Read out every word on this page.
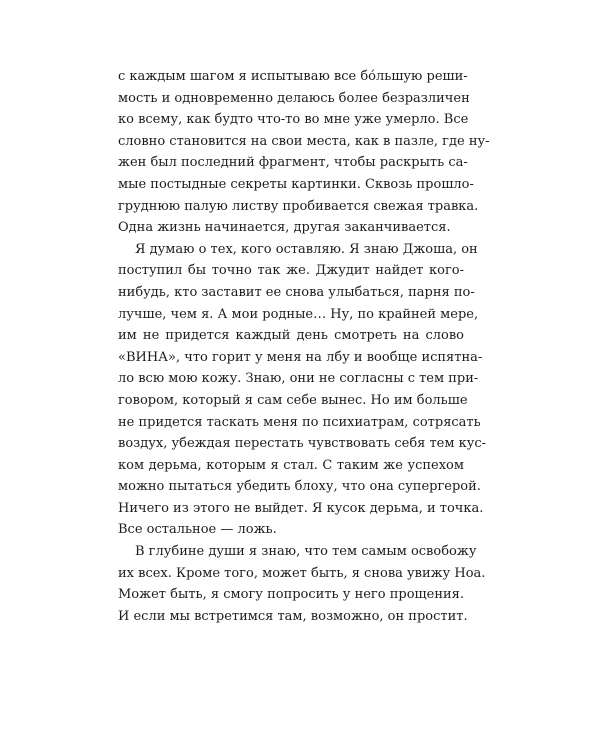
с каждым шагом я испытываю все бо́льшую реши-
мость и одновременно делаюсь более безразличен
ко всему, как будто что-то во мне уже умерло. Все
словно становится на свои места, как в пазле, где ну-
жен был последний фрагмент, чтобы раскрыть са-
мые постыдные секреты картинки. Сквозь прошло-
груднюю палую листву пробивается свежая травка.
Одна жизнь начинается, другая заканчивается.
Я думаю о тех, кого оставляю. Я знаю Джоша, он
поступил бы точно так же. Джудит найдет кого-
нибудь, кто заставит ее снова улыбаться, парня по-
лучше, чем я. А мои родные… Ну, по крайней мере,
им не придется каждый день смотреть на слово
«ВИНА», что горит у меня на лбу и вообще испятна-
ло всю мою кожу. Знаю, они не согласны с тем при-
говором, который я сам себе вынес. Но им больше
не придется таскать меня по психиатрам, сотрясать
воздух, убеждая перестать чувствовать себя тем кус-
ком дерьма, которым я стал. С таким же успехом
можно пытаться убедить блоху, что она супергерой.
Ничего из этого не выйдет. Я кусок дерьма, и точка.
Все остальное — ложь.
В глубине души я знаю, что тем самым освобожу
их всех. Кроме того, может быть, я снова увижу Ноа.
Может быть, я смогу попросить у него прощения.
И если мы встретимся там, возможно, он простит.
